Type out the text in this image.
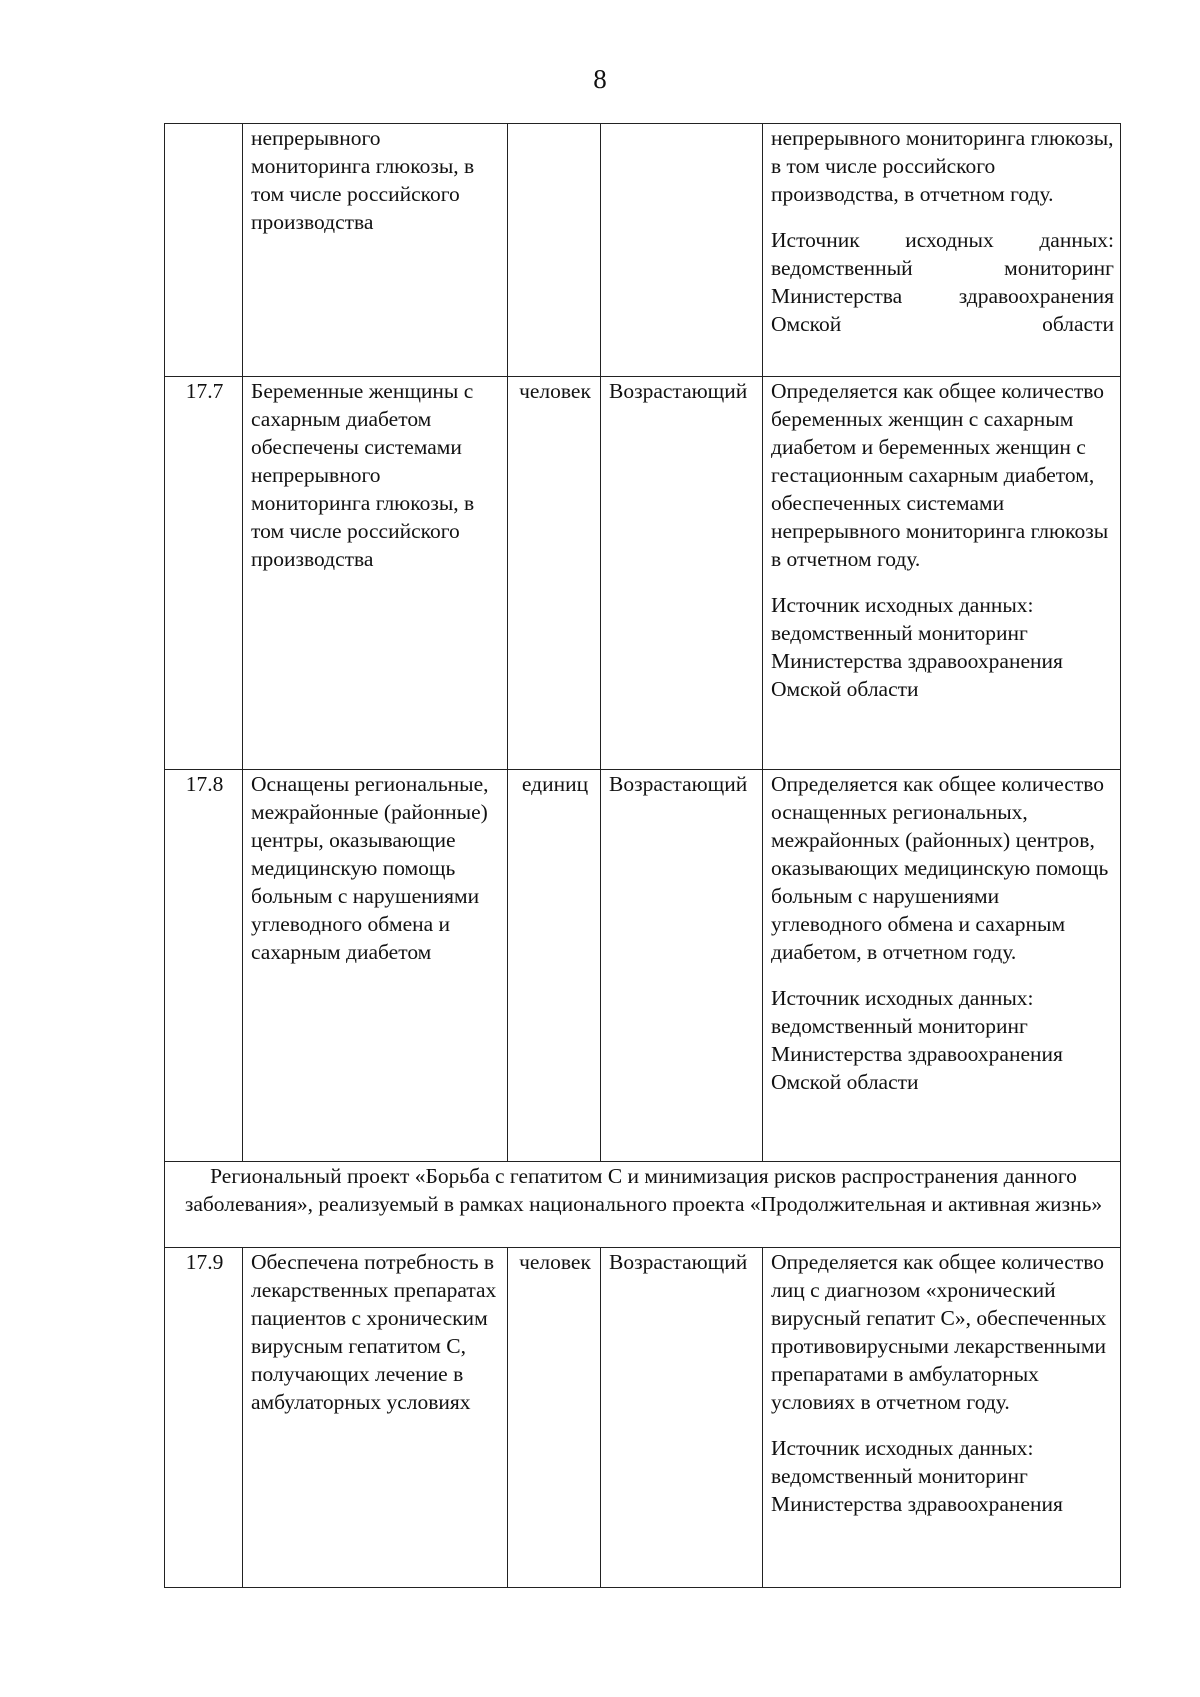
8
	непрерывного мониторинга глюкозы, в том числе российского производства			непрерывного мониторинга глюкозы, в том числе российского производства, в отчетном году.

Источник исходных данных: ведомственный мониторинг Министерства здравоохранения Омской области

17.7	Беременные женщины с сахарным диабетом обеспечены системами непрерывного мониторинга глюкозы, в том числе российского производства	человек	Возрастающий	Определяется как общее количество беременных женщин с сахарным диабетом и беременных женщин с гестационным сахарным диабетом, обеспеченных системами непрерывного мониторинга глюкозы в отчетном году.

Источник исходных данных: ведомственный мониторинг Министерства здравоохранения Омской области

17.8	Оснащены региональные, межрайонные (районные) центры, оказывающие медицинскую помощь больным с нарушениями углеводного обмена и сахарным диабетом	единиц	Возрастающий	Определяется как общее количество оснащенных региональных, межрайонных (районных) центров, оказывающих медицинскую помощь больным с нарушениями углеводного обмена и сахарным диабетом, в отчетном году.

Источник исходных данных: ведомственный мониторинг Министерства здравоохранения Омской области

Региональный проект «Борьба с гепатитом С и минимизация рисков распространения данного заболевания», реализуемый в рамках национального проекта «Продолжительная и активная жизнь»				
17.9	Обеспечена потребность в лекарственных препаратах пациентов с хроническим вирусным гепатитом С, получающих лечение в амбулаторных условиях	человек	Возрастающий	Определяется как общее количество лиц с диагнозом «хронический вирусный гепатит С», обеспеченных противовирусными лекарственными препаратами в амбулаторных условиях в отчетном году.

Источник исходных данных: ведомственный мониторинг Министерства здравоохранения
